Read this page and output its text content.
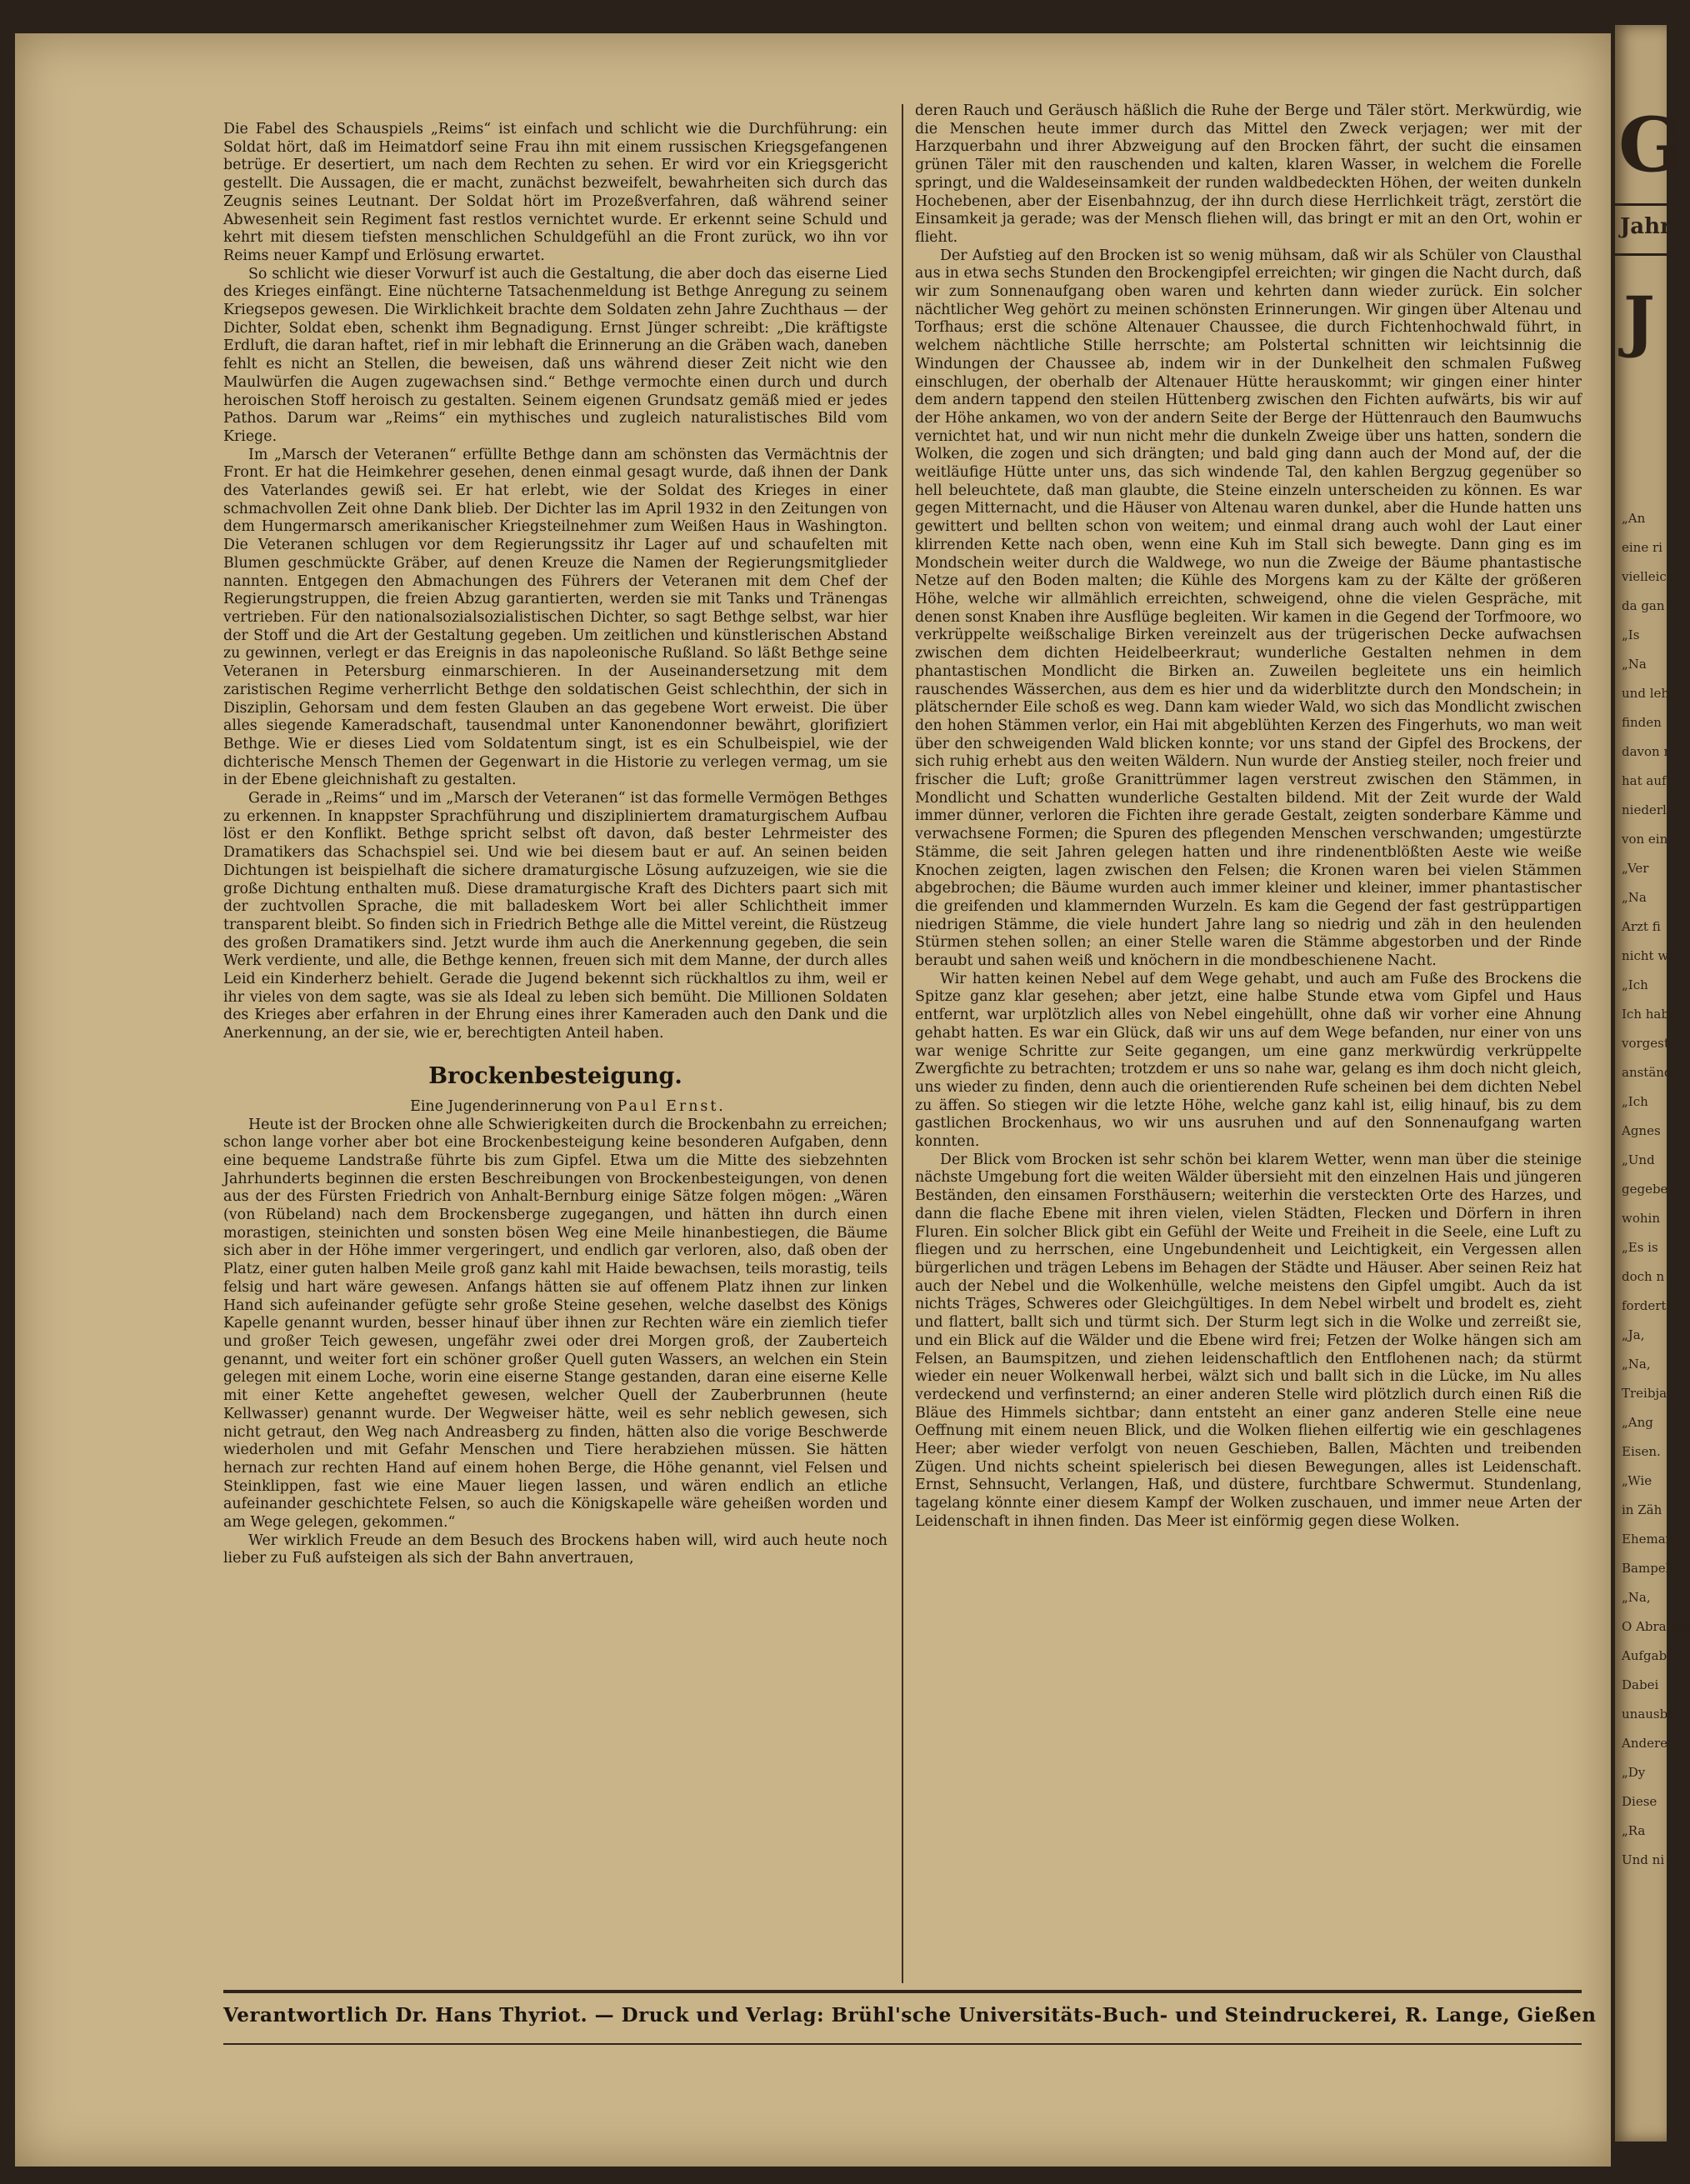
Die Fabel des Schauspiels „Reims“ ist einfach und schlicht wie die Durchführung: ein Soldat hört, daß im Heimatdorf seine Frau ihn mit einem russischen Kriegsgefangenen betrüge. Er desertiert, um nach dem Rechten zu sehen. Er wird vor ein Kriegsgericht gestellt. Die Aussagen, die er macht, zunächst bezweifelt, bewahrheiten sich durch das Zeugnis seines Leutnant. Der Soldat hört im Prozeßverfahren, daß während seiner Abwesenheit sein Regiment fast restlos vernichtet wurde. Er erkennt seine Schuld und kehrt mit diesem tiefsten menschlichen Schuldgefühl an die Front zurück, wo ihn vor Reims neuer Kampf und Erlösung erwartet.

So schlicht wie dieser Vorwurf ist auch die Gestaltung, die aber doch das eiserne Lied des Krieges einfängt. Eine nüchterne Tatsachenmeldung ist Bethge Anregung zu seinem Kriegsepos gewesen. Die Wirklichkeit brachte dem Soldaten zehn Jahre Zuchthaus — der Dichter, Soldat eben, schenkt ihm Begnadigung. Ernst Jünger schreibt: „Die kräftigste Erdluft, die daran haftet, rief in mir lebhaft die Erinnerung an die Gräben wach, daneben fehlt es nicht an Stellen, die beweisen, daß uns während dieser Zeit nicht wie den Maulwürfen die Augen zugewachsen sind.“ Bethge vermochte einen durch und durch heroischen Stoff heroisch zu gestalten. Seinem eigenen Grundsatz gemäß mied er jedes Pathos. Darum war „Reims“ ein mythisches und zugleich naturalistisches Bild vom Kriege.

Im „Marsch der Veteranen“ erfüllte Bethge dann am schönsten das Vermächtnis der Front. Er hat die Heimkehrer gesehen, denen einmal gesagt wurde, daß ihnen der Dank des Vaterlandes gewiß sei. Er hat erlebt, wie der Soldat des Krieges in einer schmachvollen Zeit ohne Dank blieb. Der Dichter las im April 1932 in den Zeitungen von dem Hungermarsch amerikanischer Kriegsteilnehmer zum Weißen Haus in Washington. Die Veteranen schlugen vor dem Regierungssitz ihr Lager auf und schaufelten mit Blumen geschmückte Gräber, auf denen Kreuze die Namen der Regierungsmitglieder nannten. Entgegen den Abmachungen des Führers der Veteranen mit dem Chef der Regierungstruppen, die freien Abzug garantierten, werden sie mit Tanks und Tränengas vertrieben. Für den nationalsozialsozialistischen Dichter, so sagt Bethge selbst, war hier der Stoff und die Art der Gestaltung gegeben. Um zeitlichen und künstlerischen Abstand zu gewinnen, verlegt er das Ereignis in das napoleonische Rußland. So läßt Bethge seine Veteranen in Petersburg einmarschieren. In der Auseinandersetzung mit dem zaristischen Regime verherrlicht Bethge den soldatischen Geist schlechthin, der sich in Disziplin, Gehorsam und dem festen Glauben an das gegebene Wort erweist. Die über alles siegende Kameradschaft, tausendmal unter Kanonendonner bewährt, glorifiziert Bethge. Wie er dieses Lied vom Soldatentum singt, ist es ein Schulbeispiel, wie der dichterische Mensch Themen der Gegenwart in die Historie zu verlegen vermag, um sie in der Ebene gleichnishaft zu gestalten.

Gerade in „Reims“ und im „Marsch der Veteranen“ ist das formelle Vermögen Bethges zu erkennen. In knappster Sprachführung und diszipliniertem dramaturgischem Aufbau löst er den Konflikt. Bethge spricht selbst oft davon, daß bester Lehrmeister des Dramatikers das Schachspiel sei. Und wie bei diesem baut er auf. An seinen beiden Dichtungen ist beispielhaft die sichere dramaturgische Lösung aufzuzeigen, wie sie die große Dichtung enthalten muß. Diese dramaturgische Kraft des Dichters paart sich mit der zuchtvollen Sprache, die mit balladeskem Wort bei aller Schlichtheit immer transparent bleibt. So finden sich in Friedrich Bethge alle die Mittel vereint, die Rüstzeug des großen Dramatikers sind. Jetzt wurde ihm auch die Anerkennung gegeben, die sein Werk verdiente, und alle, die Bethge kennen, freuen sich mit dem Manne, der durch alles Leid ein Kinderherz behielt. Gerade die Jugend bekennt sich rückhaltlos zu ihm, weil er ihr vieles von dem sagte, was sie als Ideal zu leben sich bemüht. Die Millionen Soldaten des Krieges aber erfahren in der Ehrung eines ihrer Kameraden auch den Dank und die Anerkennung, an der sie, wie er, berechtigten Anteil haben.

Brockenbesteigung.

Eine Jugenderinnerung von Paul Ernst.

Heute ist der Brocken ohne alle Schwierigkeiten durch die Brockenbahn zu erreichen; schon lange vorher aber bot eine Brockenbesteigung keine besonderen Aufgaben, denn eine bequeme Landstraße führte bis zum Gipfel. Etwa um die Mitte des siebzehnten Jahrhunderts beginnen die ersten Beschreibungen von Brockenbesteigungen, von denen aus der des Fürsten Friedrich von Anhalt-Bernburg einige Sätze folgen mögen: „Wären (von Rübeland) nach dem Brockensberge zugegangen, und hätten ihn durch einen morastigen, steinichten und sonsten bösen Weg eine Meile hinanbestiegen, die Bäume sich aber in der Höhe immer vergeringert, und endlich gar verloren, also, daß oben der Platz, einer guten halben Meile groß ganz kahl mit Haide bewachsen, teils morastig, teils felsig und hart wäre gewesen. Anfangs hätten sie auf offenem Platz ihnen zur linken Hand sich aufeinander gefügte sehr große Steine gesehen, welche daselbst des Königs Kapelle genannt wurden, besser hinauf über ihnen zur Rechten wäre ein ziemlich tiefer und großer Teich gewesen, ungefähr zwei oder drei Morgen groß, der Zauberteich genannt, und weiter fort ein schöner großer Quell guten Wassers, an welchen ein Stein gelegen mit einem Loche, worin eine eiserne Stange gestanden, daran eine eiserne Kelle mit einer Kette angeheftet gewesen, welcher Quell der Zauberbrunnen (heute Kellwasser) genannt wurde. Der Wegweiser hätte, weil es sehr neblich gewesen, sich nicht getraut, den Weg nach Andreasberg zu finden, hätten also die vorige Beschwerde wiederholen und mit Gefahr Menschen und Tiere herabziehen müssen. Sie hätten hernach zur rechten Hand auf einem hohen Berge, die Höhe genannt, viel Felsen und Steinklippen, fast wie eine Mauer liegen lassen, und wären endlich an etliche aufeinander geschichtete Felsen, so auch die Königskapelle wäre geheißen worden und am Wege gelegen, gekommen.“

Wer wirklich Freude an dem Besuch des Brockens haben will, wird auch heute noch lieber zu Fuß aufsteigen als sich der Bahn anvertrauen,

deren Rauch und Geräusch häßlich die Ruhe der Berge und Täler stört. Merkwürdig, wie die Menschen heute immer durch das Mittel den Zweck verjagen; wer mit der Harzquerbahn und ihrer Abzweigung auf den Brocken fährt, der sucht die einsamen grünen Täler mit den rauschenden und kalten, klaren Wasser, in welchem die Forelle springt, und die Waldeseinsamkeit der runden waldbedeckten Höhen, der weiten dunkeln Hochebenen, aber der Eisenbahnzug, der ihn durch diese Herrlichkeit trägt, zerstört die Einsamkeit ja gerade; was der Mensch fliehen will, das bringt er mit an den Ort, wohin er flieht.

Der Aufstieg auf den Brocken ist so wenig mühsam, daß wir als Schüler von Clausthal aus in etwa sechs Stunden den Brockengipfel erreichten; wir gingen die Nacht durch, daß wir zum Sonnenaufgang oben waren und kehrten dann wieder zurück. Ein solcher nächtlicher Weg gehört zu meinen schönsten Erinnerungen. Wir gingen über Altenau und Torfhaus; erst die schöne Altenauer Chaussee, die durch Fichtenhochwald führt, in welchem nächtliche Stille herrschte; am Polstertal schnitten wir leichtsinnig die Windungen der Chaussee ab, indem wir in der Dunkelheit den schmalen Fußweg einschlugen, der oberhalb der Altenauer Hütte herauskommt; wir gingen einer hinter dem andern tappend den steilen Hüttenberg zwischen den Fichten aufwärts, bis wir auf der Höhe ankamen, wo von der andern Seite der Berge der Hüttenrauch den Baumwuchs vernichtet hat, und wir nun nicht mehr die dunkeln Zweige über uns hatten, sondern die Wolken, die zogen und sich drängten; und bald ging dann auch der Mond auf, der die weitläufige Hütte unter uns, das sich windende Tal, den kahlen Bergzug gegenüber so hell beleuchtete, daß man glaubte, die Steine einzeln unterscheiden zu können. Es war gegen Mitternacht, und die Häuser von Altenau waren dunkel, aber die Hunde hatten uns gewittert und bellten schon von weitem; und einmal drang auch wohl der Laut einer klirrenden Kette nach oben, wenn eine Kuh im Stall sich bewegte. Dann ging es im Mondschein weiter durch die Waldwege, wo nun die Zweige der Bäume phantastische Netze auf den Boden malten; die Kühle des Morgens kam zu der Kälte der größeren Höhe, welche wir allmählich erreichten, schweigend, ohne die vielen Gespräche, mit denen sonst Knaben ihre Ausflüge begleiten. Wir kamen in die Gegend der Torfmoore, wo verkrüppelte weißschalige Birken vereinzelt aus der trügerischen Decke aufwachsen zwischen dem dichten Heidelbeerkraut; wunderliche Gestalten nehmen in dem phantastischen Mondlicht die Birken an. Zuweilen begleitete uns ein heimlich rauschendes Wässerchen, aus dem es hier und da widerblitzte durch den Mondschein; in plätschernder Eile schoß es weg. Dann kam wieder Wald, wo sich das Mondlicht zwischen den hohen Stämmen verlor, ein Hai mit abgeblühten Kerzen des Fingerhuts, wo man weit über den schweigenden Wald blicken konnte; vor uns stand der Gipfel des Brockens, der sich ruhig erhebt aus den weiten Wäldern. Nun wurde der Anstieg steiler, noch freier und frischer die Luft; große Granittrümmer lagen verstreut zwischen den Stämmen, in Mondlicht und Schatten wunderliche Gestalten bildend. Mit der Zeit wurde der Wald immer dünner, verloren die Fichten ihre gerade Gestalt, zeigten sonderbare Kämme und verwachsene Formen; die Spuren des pflegenden Menschen verschwanden; umgestürzte Stämme, die seit Jahren gelegen hatten und ihre rindenentblößten Aeste wie weiße Knochen zeigten, lagen zwischen den Felsen; die Kronen waren bei vielen Stämmen abgebrochen; die Bäume wurden auch immer kleiner und kleiner, immer phantastischer die greifenden und klammernden Wurzeln. Es kam die Gegend der fast gestrüppartigen niedrigen Stämme, die viele hundert Jahre lang so niedrig und zäh in den heulenden Stürmen stehen sollen; an einer Stelle waren die Stämme abgestorben und der Rinde beraubt und sahen weiß und knöchern in die mondbeschienene Nacht.

Wir hatten keinen Nebel auf dem Wege gehabt, und auch am Fuße des Brockens die Spitze ganz klar gesehen; aber jetzt, eine halbe Stunde etwa vom Gipfel und Haus entfernt, war urplötzlich alles von Nebel eingehüllt, ohne daß wir vorher eine Ahnung gehabt hatten. Es war ein Glück, daß wir uns auf dem Wege befanden, nur einer von uns war wenige Schritte zur Seite gegangen, um eine ganz merkwürdig verkrüppelte Zwergfichte zu betrachten; trotzdem er uns so nahe war, gelang es ihm doch nicht gleich, uns wieder zu finden, denn auch die orientierenden Rufe scheinen bei dem dichten Nebel zu äffen. So stiegen wir die letzte Höhe, welche ganz kahl ist, eilig hinauf, bis zu dem gastlichen Brockenhaus, wo wir uns ausruhen und auf den Sonnenaufgang warten konnten.

Der Blick vom Brocken ist sehr schön bei klarem Wetter, wenn man über die steinige nächste Umgebung fort die weiten Wälder übersieht mit den einzelnen Hais und jüngeren Beständen, den einsamen Forsthäusern; weiterhin die versteckten Orte des Harzes, und dann die flache Ebene mit ihren vielen, vielen Städten, Flecken und Dörfern in ihren Fluren. Ein solcher Blick gibt ein Gefühl der Weite und Freiheit in die Seele, eine Luft zu fliegen und zu herrschen, eine Ungebundenheit und Leichtigkeit, ein Vergessen allen bürgerlichen und trägen Lebens im Behagen der Städte und Häuser. Aber seinen Reiz hat auch der Nebel und die Wolkenhülle, welche meistens den Gipfel umgibt. Auch da ist nichts Träges, Schweres oder Gleichgültiges. In dem Nebel wirbelt und brodelt es, zieht und flattert, ballt sich und türmt sich. Der Sturm legt sich in die Wolke und zerreißt sie, und ein Blick auf die Wälder und die Ebene wird frei; Fetzen der Wolke hängen sich am Felsen, an Baumspitzen, und ziehen leidenschaftlich den Entflohenen nach; da stürmt wieder ein neuer Wolkenwall herbei, wälzt sich und ballt sich in die Lücke, im Nu alles verdeckend und verfinsternd; an einer anderen Stelle wird plötzlich durch einen Riß die Bläue des Himmels sichtbar; dann entsteht an einer ganz anderen Stelle eine neue Oeffnung mit einem neuen Blick, und die Wolken fliehen eilfertig wie ein geschlagenes Heer; aber wieder verfolgt von neuen Geschieben, Ballen, Mächten und treibenden Zügen. Und nichts scheint spielerisch bei diesen Bewegungen, alles ist Leidenschaft. Ernst, Sehnsucht, Verlangen, Haß, und düstere, furchtbare Schwermut. Stundenlang, tagelang könnte einer diesem Kampf der Wolken zuschauen, und immer neue Arten der Leidenschaft in ihnen finden. Das Meer ist einförmig gegen diese Wolken.

Verantwortlich Dr. Hans Thyriot. — Druck und Verlag: Brühl'sche Universitäts-Buch- und Steindruckerei, R. Lange, Gießen
G
Jahr
J
„An
eine ri
vielleich
da gan
„Is
„Na
und leh
finden
davon r
hat auf
niederl
von ein
„Ver
„Na
Arzt fi
nicht wi
„Ich
Ich habe
vorgeste
anständi
„Ich
Agnes
„Und
gegebe
wohin
„Es is
doch n
fordert!
„Ja,
„Na,
Treibjag
„Ang
Eisen.
„Wie
in Zäh
Ehemann
Bampelli
„Na,
O Abrahen
Aufgabe
Dabei
unausbl
Andere
„Dy
Diese
„Ra
Und ni
